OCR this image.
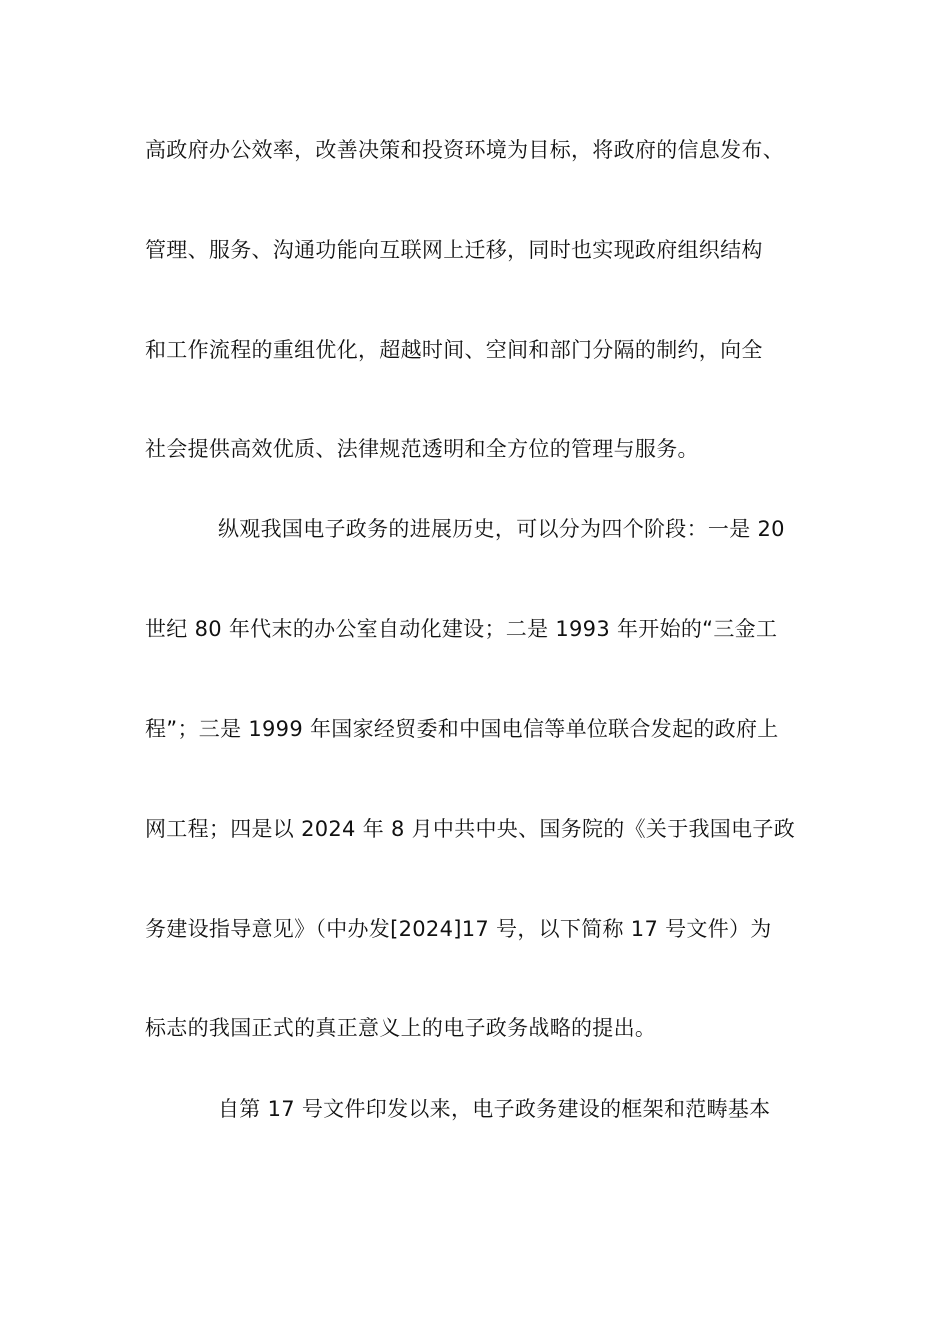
高政府办公效率，改善决策和投资环境为目标，将政府的信息发布、
管理、服务、沟通功能向互联网上迁移，同时也实现政府组织结构
和工作流程的重组优化，超越时间、空间和部门分隔的制约，向全
社会提供高效优质、法律规范透明和全方位的管理与服务。
纵观我国电子政务的进展历史，可以分为四个阶段：一是 20
世纪 80 年代末的办公室自动化建设；二是 1993 年开始的“三金工
程”；三是 1999 年国家经贸委和中国电信等单位联合发起的政府上
网工程；四是以 2024 年 8 月中共中央、国务院的《关于我国电子政
务建设指导意见》（中办发[2024]17 号，以下简称 17 号文件）为
标志的我国正式的真正意义上的电子政务战略的提出。
自第 17 号文件印发以来，电子政务建设的框架和范畴基本
